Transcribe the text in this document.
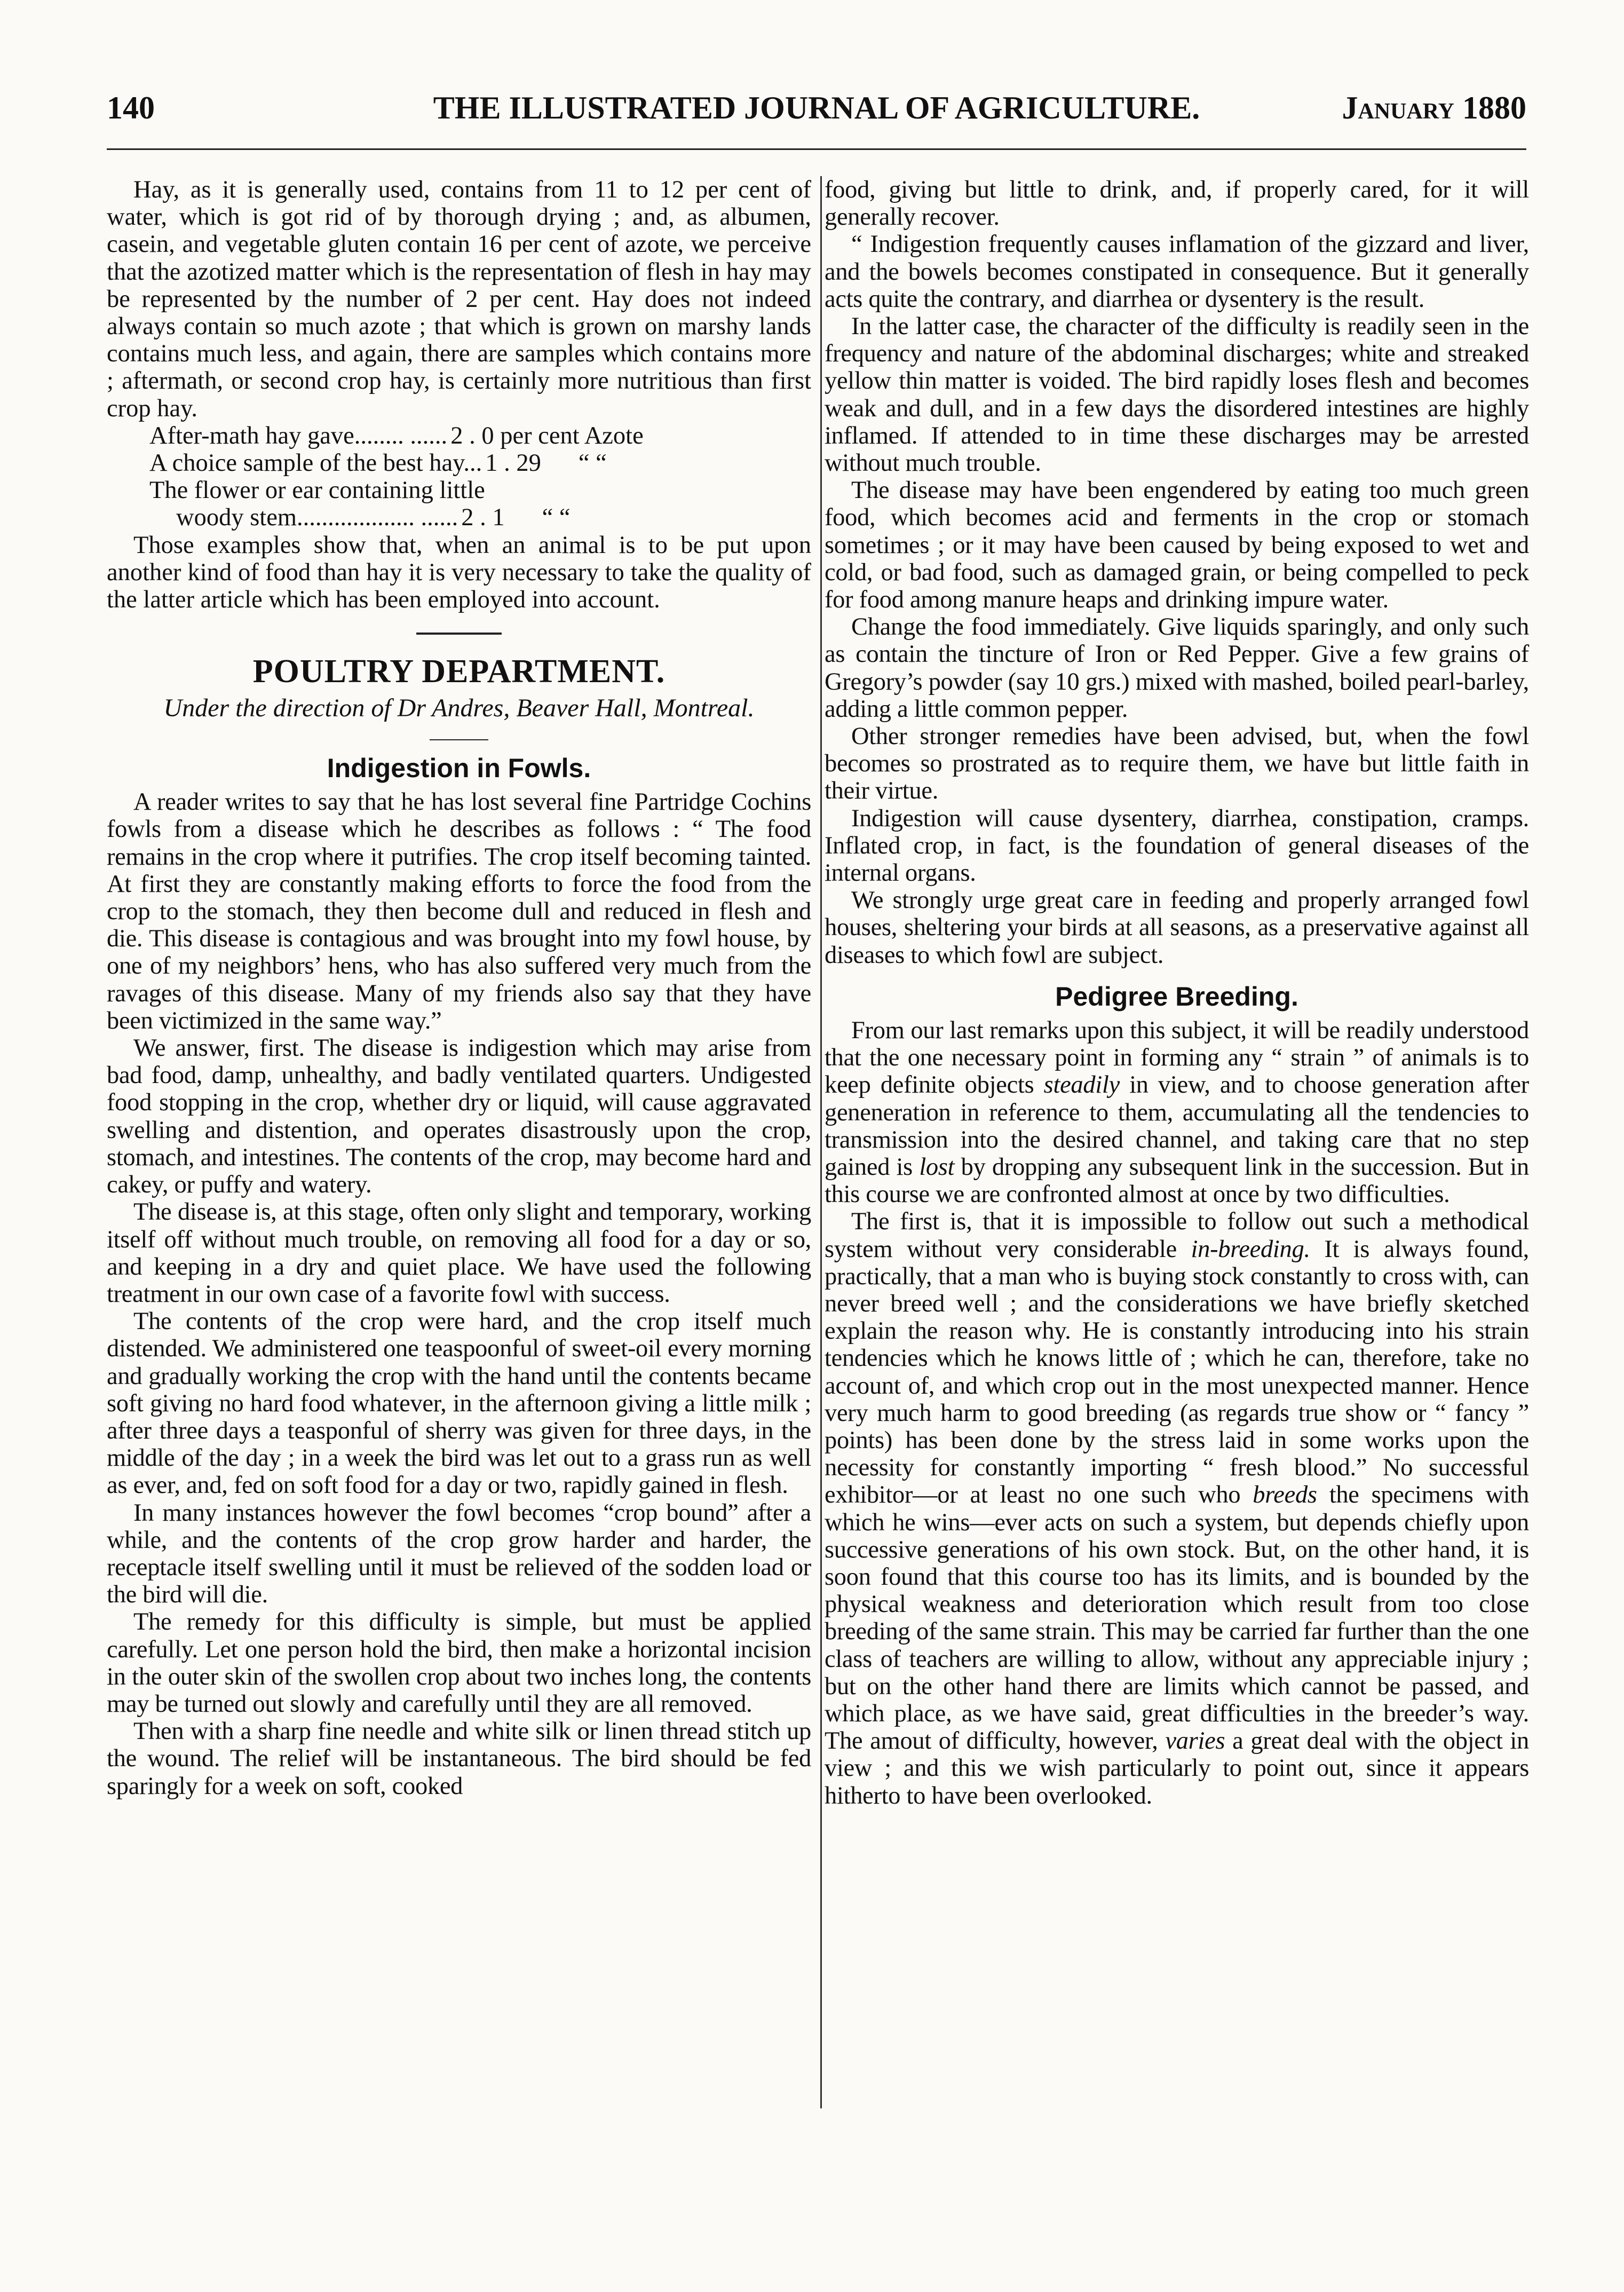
THE ILLUSTRATED JOURNAL OF AGRICULTURE.
140	January 1880

Hay, as it is generally used, contains from 11 to 12 per cent of water, which is got rid of by thorough drying ; and, as albumen, casein, and vegetable gluten contain 16 per cent of azote, we perceive that the azotized matter which is the representation of flesh in hay may be represented by the number of 2 per cent. Hay does not indeed always contain so much azote ; that which is grown on marshy lands contains much less, and again, there are samples which contains more ; aftermath, or second crop hay, is certainly more nutritious than first crop hay.

After-math hay gave........ ...... 2 . 0 per cent Azote
A choice sample of the best hay... 1 . 29	“ “
The flower or ear containing little
woody stem................... ...... 2 . 1	“ “

Those examples show that, when an animal is to be put upon another kind of food than hay it is very necessary to take the quality of the latter article which has been employed into account.

POULTRY DEPARTMENT.
Under the direction of Dr Andres, Beaver Hall, Montreal.
Indigestion in Fowls.

A reader writes to say that he has lost several fine Partridge Cochins fowls from a disease which he describes as follows : “ The food remains in the crop where it putrifies. The crop itself becoming tainted. At first they are constantly making efforts to force the food from the crop to the stomach, they then become dull and reduced in flesh and die. This disease is contagious and was brought into my fowl house, by one of my neighbors’ hens, who has also suffered very much from the ravages of this disease. Many of my friends also say that they have been victimized in the same way.”

We answer, first. The disease is indigestion which may arise from bad food, damp, unhealthy, and badly ventilated quarters. Undigested food stopping in the crop, whether dry or liquid, will cause aggravated swelling and distention, and operates disastrously upon the crop, stomach, and intestines. The contents of the crop, may become hard and cakey, or puffy and watery.

The disease is, at this stage, often only slight and temporary, working itself off without much trouble, on removing all food for a day or so, and keeping in a dry and quiet place. We have used the following treatment in our own case of a favorite fowl with success.

The contents of the crop were hard, and the crop itself much distended. We administered one teaspoonful of sweet-oil every morning and gradually working the crop with the hand until the contents became soft giving no hard food whatever, in the afternoon giving a little milk ; after three days a teasponful of sherry was given for three days, in the middle of the day ; in a week the bird was let out to a grass run as well as ever, and, fed on soft food for a day or two, rapidly gained in flesh.

In many instances however the fowl becomes “crop bound” after a while, and the contents of the crop grow harder and harder, the receptacle itself swelling until it must be relieved of the sodden load or the bird will die.

The remedy for this difficulty is simple, but must be applied carefully. Let one person hold the bird, then make a horizontal incision in the outer skin of the swollen crop about two inches long, the contents may be turned out slowly and carefully until they are all removed.

Then with a sharp fine needle and white silk or linen thread stitch up the wound. The relief will be instantaneous. The bird should be fed sparingly for a week on soft, cooked

food, giving but little to drink, and, if properly cared, for it will generally recover.

“ Indigestion frequently causes inflamation of the gizzard and liver, and the bowels becomes constipated in consequence. But it generally acts quite the contrary, and diarrhea or dysentery is the result.

In the latter case, the character of the difficulty is readily seen in the frequency and nature of the abdominal discharges; white and streaked yellow thin matter is voided. The bird rapidly loses flesh and becomes weak and dull, and in a few days the disordered intestines are highly inflamed. If attended to in time these discharges may be arrested without much trouble.

The disease may have been engendered by eating too much green food, which becomes acid and ferments in the crop or stomach sometimes ; or it may have been caused by being exposed to wet and cold, or bad food, such as damaged grain, or being compelled to peck for food among manure heaps and drinking impure water.

Change the food immediately. Give liquids sparingly, and only such as contain the tincture of Iron or Red Pepper. Give a few grains of Gregory’s powder (say 10 grs.) mixed with mashed, boiled pearl-barley, adding a little common pepper.

Other stronger remedies have been advised, but, when the fowl becomes so prostrated as to require them, we have but little faith in their virtue.

Indigestion will cause dysentery, diarrhea, constipation, cramps. Inflated crop, in fact, is the foundation of general diseases of the internal organs.

We strongly urge great care in feeding and properly arranged fowl houses, sheltering your birds at all seasons, as a preservative against all diseases to which fowl are subject.

Pedigree Breeding.

From our last remarks upon this subject, it will be readily understood that the one necessary point in forming any “ strain ” of animals is to keep definite objects steadily in view, and to choose generation after geneneration in reference to them, accumulating all the tendencies to transmission into the desired channel, and taking care that no step gained is lost by dropping any subsequent link in the succession. But in this course we are confronted almost at once by two difficulties.

The first is, that it is impossible to follow out such a methodical system without very considerable in-breeding. It is always found, practically, that a man who is buying stock constantly to cross with, can never breed well ; and the considerations we have briefly sketched explain the reason why. He is constantly introducing into his strain tendencies which he knows little of ; which he can, therefore, take no account of, and which crop out in the most unexpected manner. Hence very much harm to good breeding (as regards true show or “ fancy ” points) has been done by the stress laid in some works upon the necessity for constantly importing “ fresh blood.” No successful exhibitor—or at least no one such who breeds the specimens with which he wins—ever acts on such a system, but depends chiefly upon successive generations of his own stock. But, on the other hand, it is soon found that this course too has its limits, and is bounded by the physical weakness and deterioration which result from too close breeding of the same strain. This may be carried far further than the one class of teachers are willing to allow, without any appreciable injury ; but on the other hand there are limits which cannot be passed, and which place, as we have said, great difficulties in the breeder’s way. The amout of difficulty, however, varies a great deal with the object in view ; and this we wish particularly to point out, since it appears hitherto to have been overlooked.
